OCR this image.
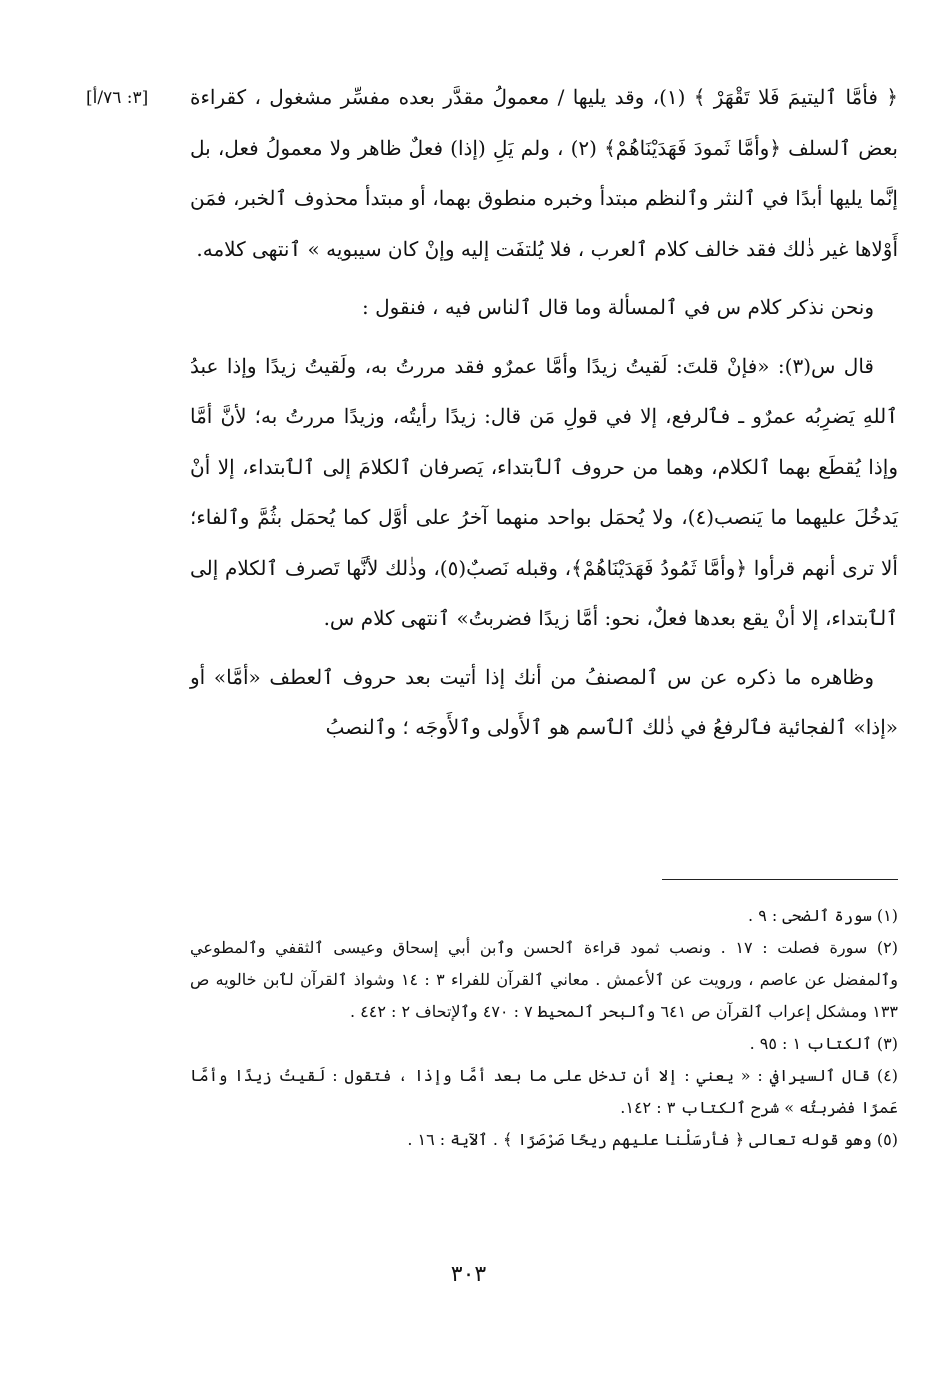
[٣: ٧٦/أ] ﴿ فأمَّا ٱليتيمَ فَلا تَقْهَرْ ﴾ (١)، وقد يليها / معمولُ مقدَّر بعده مفسِّر مشغول ، كقراءة بعض ٱلسلف ﴿وأمَّا ثَمودَ فَهَدَيْنَاهُمْ﴾ (٢) ، ولم يَلِ (إذا) فعلٌ ظاهر ولا معمولُ فعل، بل إنَّما يليها أبدًا في ٱلنثر وٱلنظم مبتدأ وخبره منطوق بهما، أو مبتدأ محذوف ٱلخبر، فمَن أَوْلاها غير ذٰلك فقد خالف كلام ٱلعرب ، فلا يُلتفَت إليه وإنْ كان سيبويه » ٱنتهى كلامه.

ونحن نذكر كلام س في ٱلمسألة وما قال ٱلناس فيه ، فنقول :

قال س(٣): «فإنْ قلتَ: لَقيتُ زيدًا وأمَّا عمرٌو فقد مررتُ به، ولَقيتُ زيدًا وإذا عبدُ ٱللهِ يَضرِبُه عمرٌو ـ فٱلرفع، إلا في قولِ مَن قال: زيدًا رأيتُه، وزيدًا مررتُ به؛ لأنَّ أمَّا وإذا يُقطَع بهما ٱلكلام، وهما من حروف ٱلٱبتداء، يَصرفان ٱلكلامَ إلى ٱلٱبتداء، إلا أنْ يَدخُلَ عليهما ما يَنصب(٤)، ولا يُحمَل بواحد منهما آخرُ على أوَّل كما يُحمَل بثُمَّ وٱلفاء؛ ألا ترى أنهم قرأوا ﴿وأمَّا ثَمُودُ فَهَدَيْنَاهُمْ﴾، وقبله نَصبٌ(٥)، وذٰلك لأنَّها تَصرف ٱلكلام إلى ٱلٱبتداء، إلا أنْ يقع بعدها فعلٌ، نحو: أمَّا زيدًا فضربتُ» ٱنتهى كلام س.

وظاهره ما ذكره عن س ٱلمصنفُ من أنك إذا أتيت بعد حروف ٱلعطف «أمَّا» أو «إذا» ٱلفجائية فٱلرفعُ في ذٰلك ٱلٱسم هو ٱلأَولى وٱلأَوجَه ؛ وٱلنصبُ

(١) سورة ٱلضحى : ٩ .

(٢) سورة فصلت : ١٧ . ونصب ثمود قراءة ٱلحسن وٱبن أبي إسحاق وعيسى ٱلثقفي وٱلمطوعي وٱلمفضل عن عاصم ، ورويت عن ٱلأعمش . معاني ٱلقرآن للفراء ٣ : ١٤ وشواذ ٱلقرآن لٱبن خالويه ص ١٣٣ ومشكل إعراب ٱلقرآن ص ٦٤١ وٱلبحر ٱلمحيط ٧ : ٤٧٠ وٱلإتحاف ٢ : ٤٤٢ .

(٣) ٱلكتاب ١ : ٩٥ .

(٤) قال ٱلسيرافي : « يعني : إلا أن تدخل على ما بعد أمَّا وإذا ، فتقول : لَقيتُ زيدًا وأمَّا عَمرًا فضربتُه » شرح ٱلكتاب ٣ : ١٤٢.

(٥) وهو قوله تعالى ﴿ فأرسَلْنا عليهم ريحًا صَرْصَرًا ﴾ . ٱلآية : ١٦ .

٣٠٣
